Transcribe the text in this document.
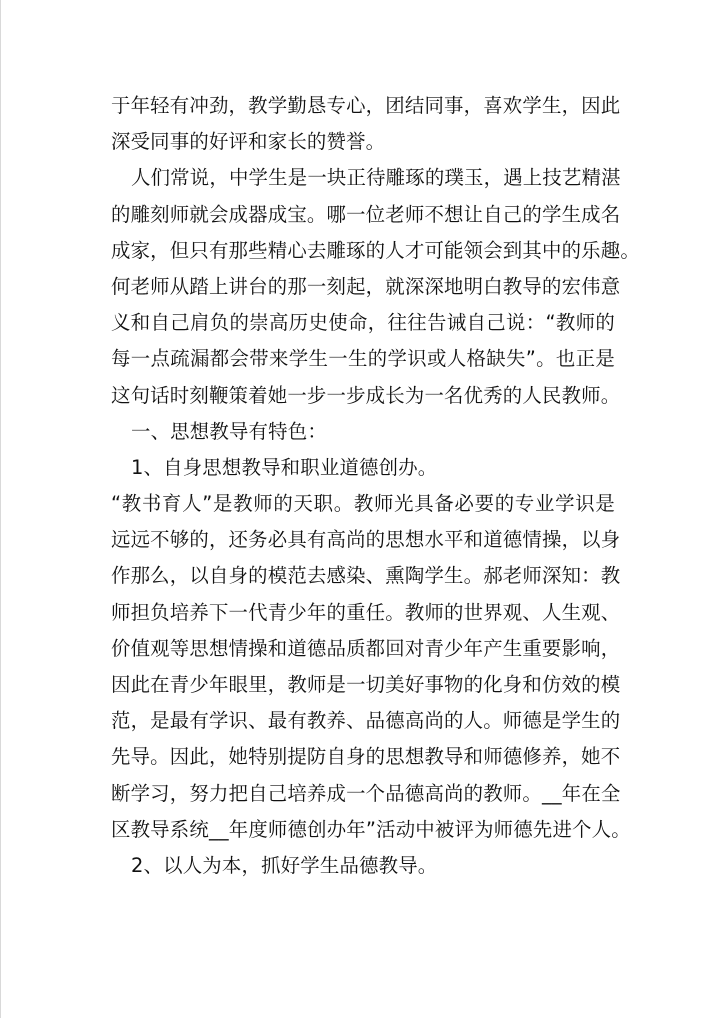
于年轻有冲劲，教学勤恳专心，团结同事，喜欢学生，因此
深受同事的好评和家长的赞誉。
人们常说，中学生是一块正待雕琢的璞玉，遇上技艺精湛
的雕刻师就会成器成宝。哪一位老师不想让自己的学生成名
成家，但只有那些精心去雕琢的人才可能领会到其中的乐趣。
何老师从踏上讲台的那一刻起，就深深地明白教导的宏伟意
义和自己肩负的崇高历史使命，往往告诫自己说：“教师的
每一点疏漏都会带来学生一生的学识或人格缺失”。也正是
这句话时刻鞭策着她一步一步成长为一名优秀的人民教师。
一、思想教导有特色：
1、自身思想教导和职业道德创办。
“教书育人”是教师的天职。教师光具备必要的专业学识是
远远不够的，还务必具有高尚的思想水平和道德情操，以身
作那么，以自身的模范去感染、熏陶学生。郝老师深知：教
师担负培养下一代青少年的重任。教师的世界观、人生观、
价值观等思想情操和道德品质都回对青少年产生重要影响，
因此在青少年眼里，教师是一切美好事物的化身和仿效的模
范，是最有学识、最有教养、品德高尚的人。师德是学生的
先导。因此，她特别提防自身的思想教导和师德修养，她不
断学习，努力把自己培养成一个品德高尚的教师。__年在全
区教导系统__年度师德创办年”活动中被评为师德先进个人。
2、以人为本，抓好学生品德教导。
